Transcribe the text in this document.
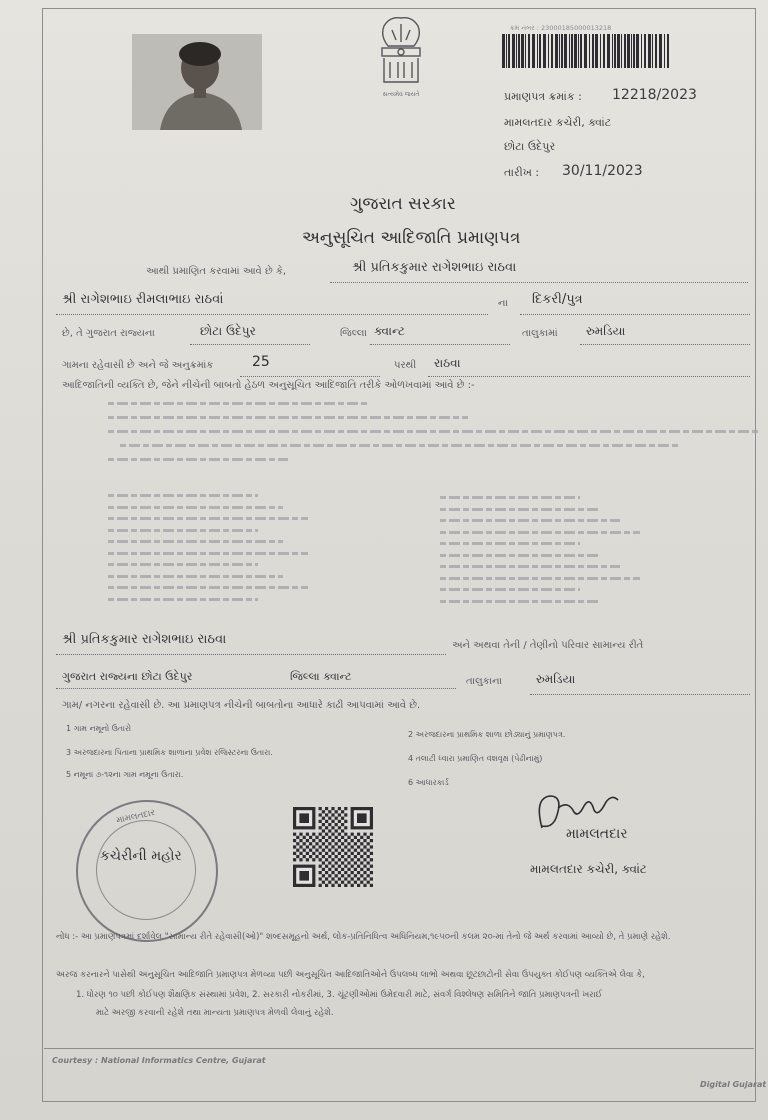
સત્યમેવ જયતે
ક્રમ નંબર : 23000185000013218
પ્રમાણપત્ર ક્રમાંક : 12218/2023
મામલતદાર કચેરી, ક્વાંટ
છોટા ઉદેપુર
તારીખ : 30/11/2023
ગુજરાત સરકાર
અનુસૂચિત આદિજાતિ પ્રમાણપત્ર
આથી પ્રમાણિત કરવામાં આવે છે કે,	શ્રી પ્રતિકકુમાર રાગેશભાઇ રાઠવા
શ્રી રાગેશભાઇ રીમલાભાઇ રાઠવાં	ના દિકરી/પુત્ર
છે, તે ગુજરાત રાજ્યના	છોટા ઉદેપુર	જિલ્લા ક્વાન્ટ	તાલુકામાં રુમડિયા
ગામના રહેવાસી છે અને જે અનુક્રમાંક	25	પરથી રાઠવા
આદિજાતિની વ્યક્તિ છે, જેને નીચેની બાબતો હેઠળ અનુસૂચિત આદિજાતિ તરીકે ઓળખવામાં આવે છે :-
શ્રી પ્રતિકકુમાર રાગેશભાઇ રાઠવા	અને અથવા તેની / તેણીનો પરિવાર સામાન્ય રીતે
ગુજરાત રાજ્યના છોટા ઉદેપુર	જિલ્લા ક્વાન્ટ	તાલુકાના	રુમડિયા
ગામ/ નગરના રહેવાસી છે. આ પ્રમાણપત્ર નીચેની બાબતોના આધારે કાઢી આપવામાં આવે છે.
1 ગામ નમૂનો ઉતારો
2 અરજદારના પ્રાથમિક શાળા છોડ્યાનું પ્રમાણપત્ર.
3 અરજદારના પિતાના પ્રાથમિક શાળાના પ્રવેશ રજિસ્ટરના ઉતારા.
4 તલાટી ધ્વારા પ્રમાણિત વંશવૃક્ષ (પેઢીનામું)
5 નમૂના ૭-૧૨ના ગામ નમૂના ઉતારા.
6 આધારકાર્ડ
મામલતદાર
કચેરીની મહોર
મામલતદાર
મામલતદાર કચેરી, ક્વાંટ
નોંધ :- આ પ્રમાણપત્રમાં દર્શાવેલ "સામાન્ય રીતે રહેવાસી(ઓ)" શબ્દસમૂહનો અર્થ, લોક-પ્રતિનિધિત્વ અધિનિયમ,૧૯૫૦ની કલમ ૨૦-માં તેનો જે અર્થ કરવામાં આવ્યો છે, તે પ્રમાણે રહેશે.
અરજ કરનારને પાસેથી અનુસૂચિત આદિજાતિ પ્રમાણપત્ર મેળવ્યા પછી અનુસૂચિત આદિજાતિઓને ઉપલબ્ધ લાભો અથવા છૂટછાટોની સેવા ઉપયુક્ત કોઈપણ વ્યક્તિએ લેવા કે,
1. ધોરણ ૧૦ પછી કોઈપણ શૈક્ષણિક સંસ્થામાં પ્રવેશ, 2. સરકારી નોકરીમાં, 3. ચૂંટણીઓમાં ઉમેદવારી માટે, સંવર્ગ વિશ્લેષણ સમિતિને જાતિ પ્રમાણપત્રની ખરાઈ
માટે અરજી કરવાની રહેશે તથા માન્યતા પ્રમાણપત્ર મેળવી લેવાનું રહેશે.
Courtesy : National Informatics Centre, Gujarat
Digital Gujarat
